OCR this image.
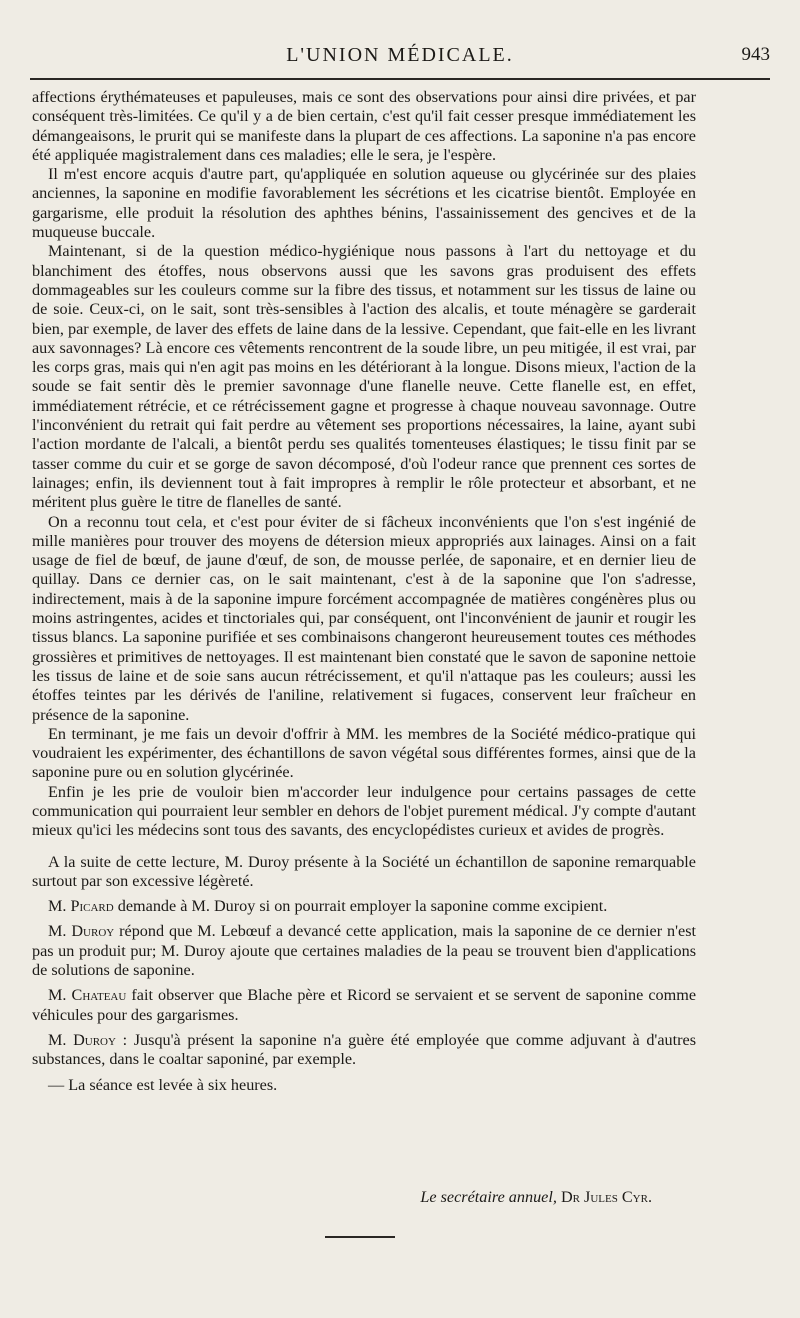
L'UNION MÉDICALE.	943

affections érythémateuses et papuleuses, mais ce sont des observations pour ainsi dire privées, et par conséquent très-limitées. Ce qu'il y a de bien certain, c'est qu'il fait cesser presque immédiatement les démangeaisons, le prurit qui se manifeste dans la plupart de ces affections. La saponine n'a pas encore été appliquée magistralement dans ces maladies; elle le sera, je l'espère.

Il m'est encore acquis d'autre part, qu'appliquée en solution aqueuse ou glycérinée sur des plaies anciennes, la saponine en modifie favorablement les sécrétions et les cicatrise bientôt. Employée en gargarisme, elle produit la résolution des aphthes bénins, l'assainissement des gencives et de la muqueuse buccale.

Maintenant, si de la question médico-hygiénique nous passons à l'art du nettoyage et du blanchiment des étoffes, nous observons aussi que les savons gras produisent des effets dommageables sur les couleurs comme sur la fibre des tissus, et notamment sur les tissus de laine ou de soie. Ceux-ci, on le sait, sont très-sensibles à l'action des alcalis, et toute ménagère se garderait bien, par exemple, de laver des effets de laine dans de la lessive. Cependant, que fait-elle en les livrant aux savonnages? Là encore ces vêtements rencontrent de la soude libre, un peu mitigée, il est vrai, par les corps gras, mais qui n'en agit pas moins en les détériorant à la longue. Disons mieux, l'action de la soude se fait sentir dès le premier savonnage d'une flanelle neuve. Cette flanelle est, en effet, immédiatement rétrécie, et ce rétrécissement gagne et progresse à chaque nouveau savonnage. Outre l'inconvénient du retrait qui fait perdre au vêtement ses proportions nécessaires, la laine, ayant subi l'action mordante de l'alcali, a bientôt perdu ses qualités tomenteuses élastiques; le tissu finit par se tasser comme du cuir et se gorge de savon décomposé, d'où l'odeur rance que prennent ces sortes de lainages; enfin, ils deviennent tout à fait impropres à remplir le rôle protecteur et absorbant, et ne méritent plus guère le titre de flanelles de santé.

On a reconnu tout cela, et c'est pour éviter de si fâcheux inconvénients que l'on s'est ingénié de mille manières pour trouver des moyens de détersion mieux appropriés aux lainages. Ainsi on a fait usage de fiel de bœuf, de jaune d'œuf, de son, de mousse perlée, de saponaire, et en dernier lieu de quillay. Dans ce dernier cas, on le sait maintenant, c'est à de la saponine que l'on s'adresse, indirectement, mais à de la saponine impure forcément accompagnée de matières congénères plus ou moins astringentes, acides et tinctoriales qui, par conséquent, ont l'inconvénient de jaunir et rougir les tissus blancs. La saponine purifiée et ses combinaisons changeront heureusement toutes ces méthodes grossières et primitives de nettoyages. Il est maintenant bien constaté que le savon de saponine nettoie les tissus de laine et de soie sans aucun rétrécissement, et qu'il n'attaque pas les couleurs; aussi les étoffes teintes par les dérivés de l'aniline, relativement si fugaces, conservent leur fraîcheur en présence de la saponine.

En terminant, je me fais un devoir d'offrir à MM. les membres de la Société médico-pratique qui voudraient les expérimenter, des échantillons de savon végétal sous différentes formes, ainsi que de la saponine pure ou en solution glycérinée.

Enfin je les prie de vouloir bien m'accorder leur indulgence pour certains passages de cette communication qui pourraient leur sembler en dehors de l'objet purement médical. J'y compte d'autant mieux qu'ici les médecins sont tous des savants, des encyclopédistes curieux et avides de progrès.

A la suite de cette lecture, M. Duroy présente à la Société un échantillon de saponine remarquable surtout par son excessive légèreté.

M. Picard demande à M. Duroy si on pourrait employer la saponine comme excipient.

M. Duroy répond que M. Lebœuf a devancé cette application, mais la saponine de ce dernier n'est pas un produit pur; M. Duroy ajoute que certaines maladies de la peau se trouvent bien d'applications de solutions de saponine.

M. Chateau fait observer que Blache père et Ricord se servaient et se servent de saponine comme véhicules pour des gargarismes.

M. Duroy : Jusqu'à présent la saponine n'a guère été employée que comme adjuvant à d'autres substances, dans le coaltar saponiné, par exemple.

— La séance est levée à six heures.

Le secrétaire annuel, Dr Jules Cyr.
